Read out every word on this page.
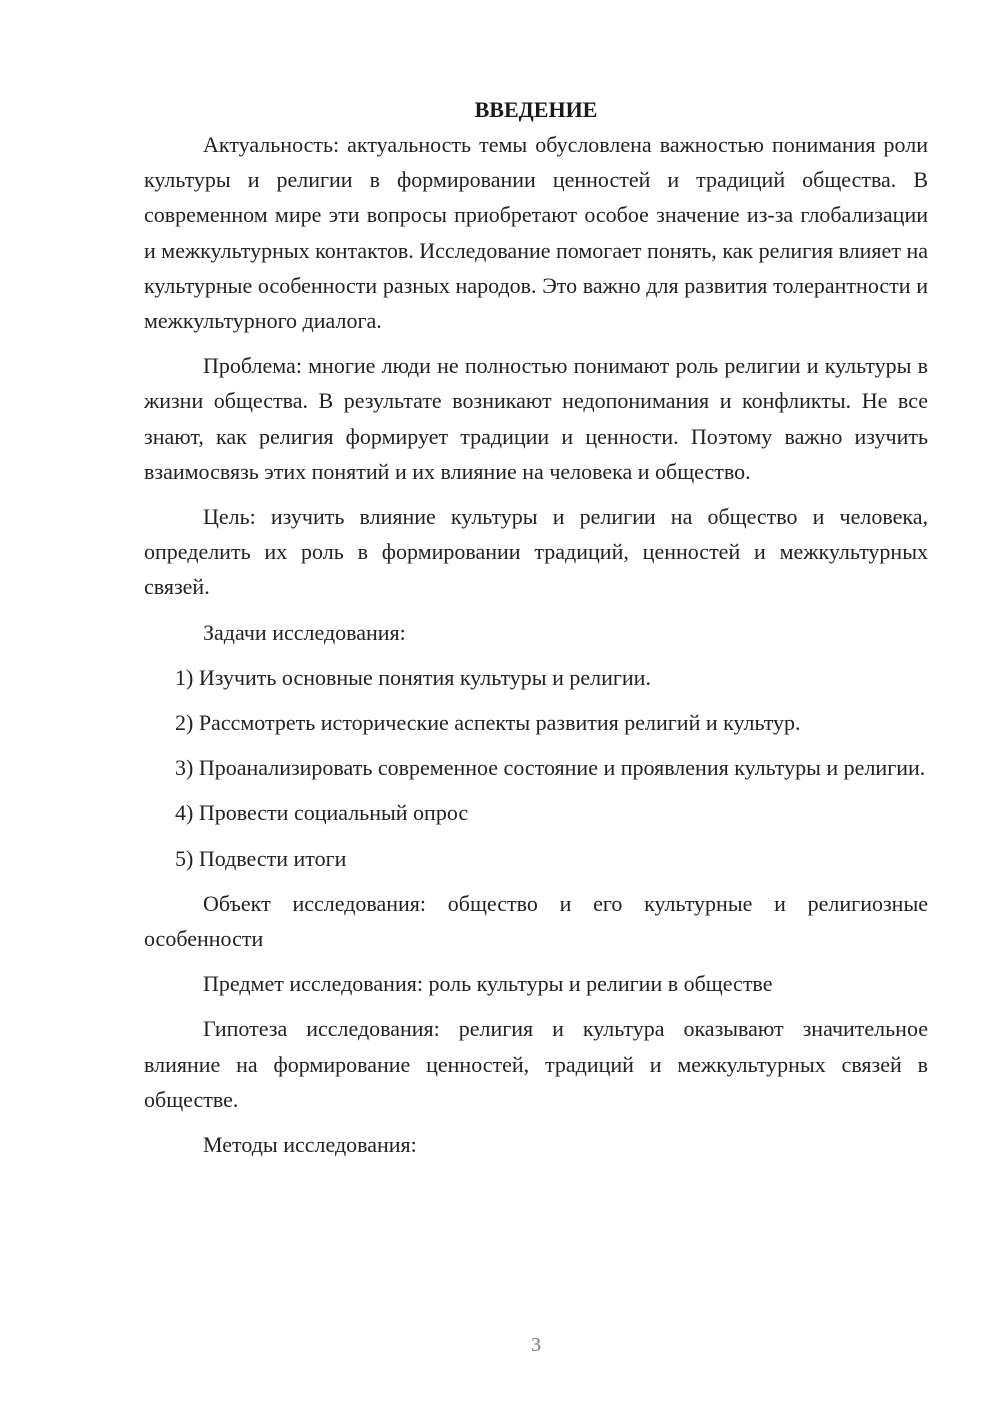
ВВЕДЕНИЕ

Актуальность: актуальность темы обусловлена важностью понимания роли культуры и религии в формировании ценностей и традиций общества. В современном мире эти вопросы приобретают особое значение из-за глобализации и межкультурных контактов. Исследование помогает понять, как религия влияет на культурные особенности разных народов. Это важно для развития толерантности и межкультурного диалога.

Проблема: многие люди не полностью понимают роль религии и культуры в жизни общества. В результате возникают недопонимания и конфликты. Не все знают, как религия формирует традиции и ценности. Поэтому важно изучить взаимосвязь этих понятий и их влияние на человека и общество.

Цель: изучить влияние культуры и религии на общество и человека, определить их роль в формировании традиций, ценностей и межкультурных связей.

Задачи исследования:

1) Изучить основные понятия культуры и религии.

2) Рассмотреть исторические аспекты развития религий и культур.

3) Проанализировать современное состояние и проявления культуры и религии.

4) Провести социальный опрос

5) Подвести итоги

Объект исследования: общество и его культурные и религиозные особенности

Предмет исследования: роль культуры и религии в обществе

Гипотеза исследования: религия и культура оказывают значительное влияние на формирование ценностей, традиций и межкультурных связей в обществе.

Методы исследования:

3
